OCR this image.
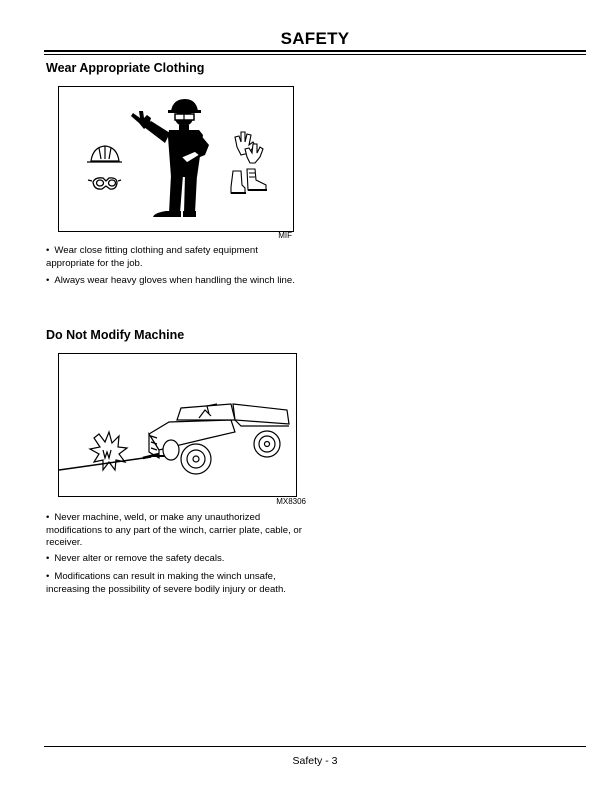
SAFETY
Wear Appropriate Clothing
MIF
• Wear close fitting clothing and safety equipment appropriate for the job.
• Always wear heavy gloves when handling the winch line.
Do Not Modify Machine
MX8306
• Never machine, weld, or make any unauthorized modifications to any part of the winch, carrier plate, cable, or receiver.
• Never alter or remove the safety decals.
• Modifications can result in making the winch unsafe, increasing the possibility of severe bodily injury or death.
Safety - 3
